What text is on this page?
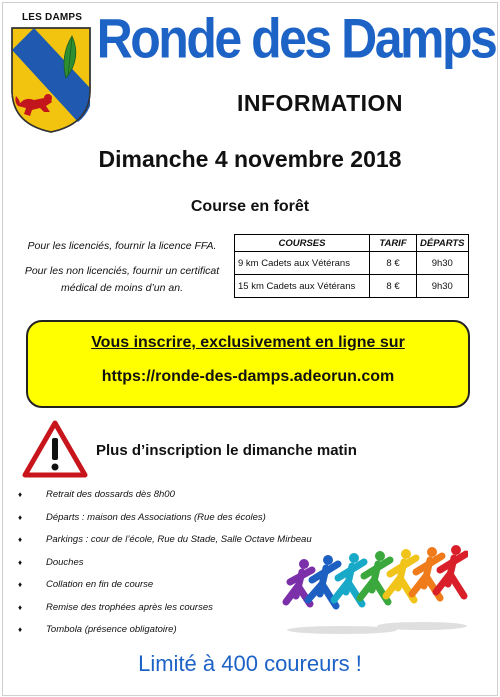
LES DAMPS Ronde des Damps
INFORMATION
Dimanche 4 novembre 2018
Course en forêt

Pour les licenciés, fournir la licence FFA.

Pour les non licenciés, fournir un certificat médical de moins d’un an.

COURSES	TARIF	DÉPARTS
9 km Cadets aux Vétérans	8 €	9h30
15 km Cadets aux Vétérans	8 €	9h30
Vous inscrire, exclusivement en ligne sur
https://ronde-des-damps.adeorun.com
Plus d’inscription le dimanche matin
♦	Retrait des dossards dès 8h00
♦	Départs : maison des Associations (Rue des écoles)
♦	Parkings : cour de l’école, Rue du Stade, Salle Octave Mirbeau
♦	Douches
♦	Collation en fin de course
♦	Remise des trophées après les courses
♦	Tombola (présence obligatoire)
Limité à 400 coureurs !
